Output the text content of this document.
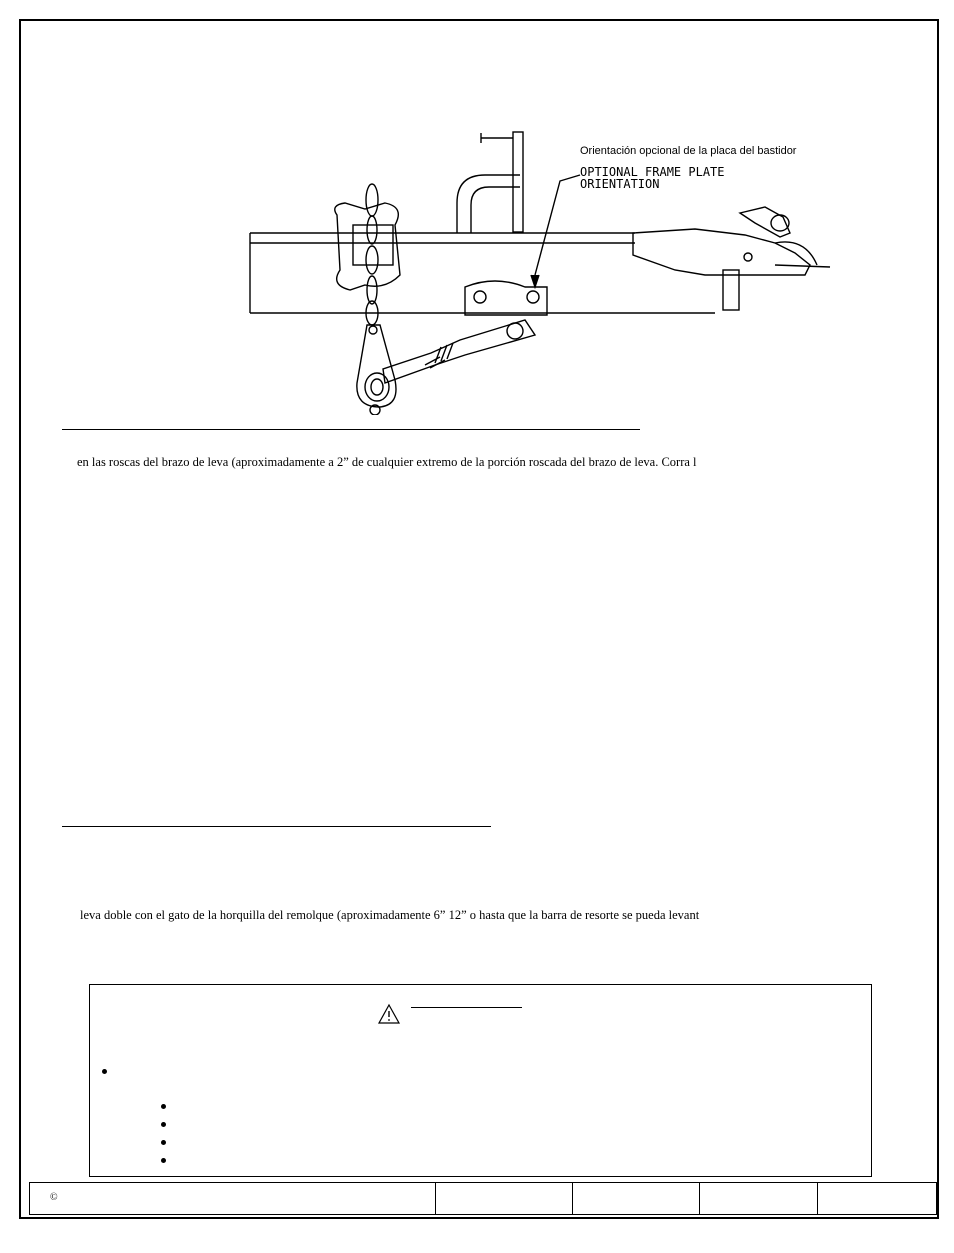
OPTIONAL FRAME PLATE
ORIENTATION
Orientación opcional de la placa del bastidor
en las roscas del brazo de leva (aproximadamente a 2” de cualquier extremo de la porción roscada del brazo de leva. Corra l
leva doble con el gato de la horquilla del remolque (aproximadamente 6” 12” o hasta que la barra de resorte se pueda levant
©
